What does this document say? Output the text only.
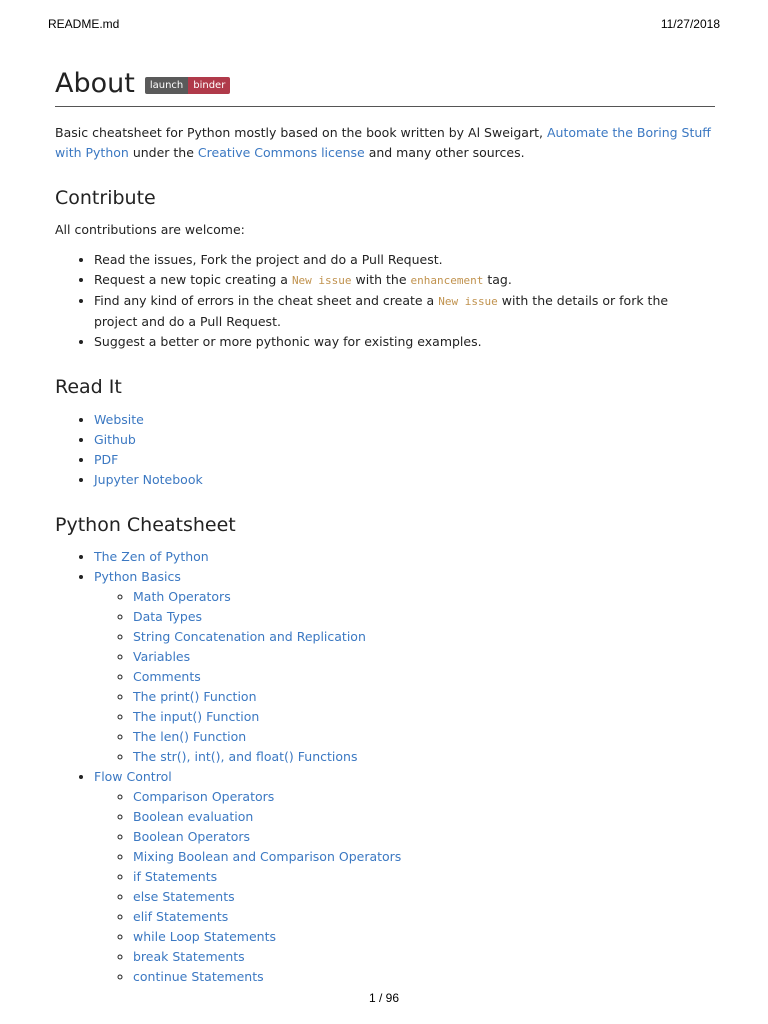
README.md	11/27/2018
About	launch	binder

Basic cheatsheet for Python mostly based on the book written by Al Sweigart, Automate the Boring Stuff with Python under the Creative Commons license and many other sources.

Contribute

All contributions are welcome:

• Read the issues, Fork the project and do a Pull Request.
• Request a new topic creating a New issue with the enhancement tag.
• Find any kind of errors in the cheat sheet and create a New issue with the details or fork the project and do a Pull Request.
• Suggest a better or more pythonic way for existing examples.
Read It
• Website
• Github
• PDF
• Jupyter Notebook
Python Cheatsheet
• The Zen of Python
• Python Basics
◦ Math Operators
◦ Data Types
◦ String Concatenation and Replication
◦ Variables
◦ Comments
◦ The print() Function
◦ The input() Function
◦ The len() Function
◦ The str(), int(), and float() Functions
• Flow Control
◦ Comparison Operators
◦ Boolean evaluation
◦ Boolean Operators
◦ Mixing Boolean and Comparison Operators
◦ if Statements
◦ else Statements
◦ elif Statements
◦ while Loop Statements
◦ break Statements
◦ continue Statements
1 / 96
